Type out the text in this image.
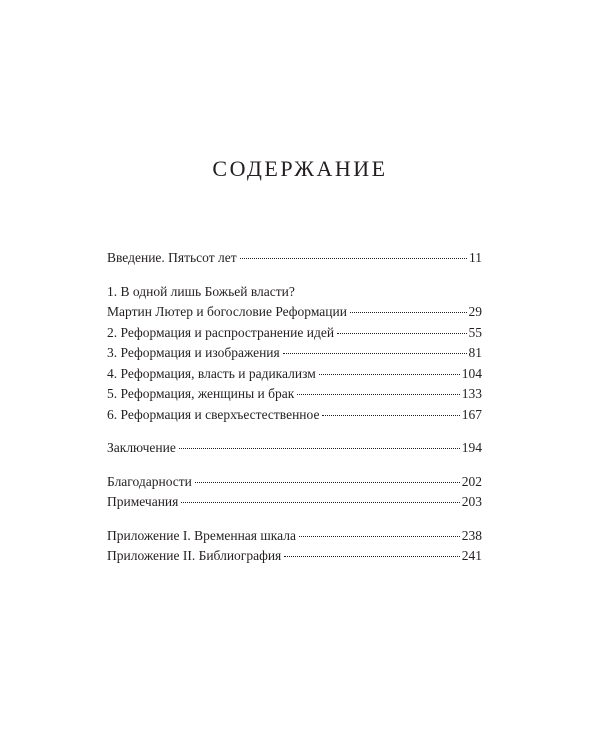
СОДЕРЖАНИЕ
Введение. Пятьсот лет	11
1. В одной лишь Божьей власти?
Мартин Лютер и богословие Реформации	29
2. Реформация и распространение идей	55
3. Реформация и изображения	81
4. Реформация, власть и радикализм	104
5. Реформация, женщины и брак	133
6. Реформация и сверхъестественное	167
Заключение	194
Благодарности	202
Примечания	203
Приложение I. Временная шкала	238
Приложение II. Библиография	241
